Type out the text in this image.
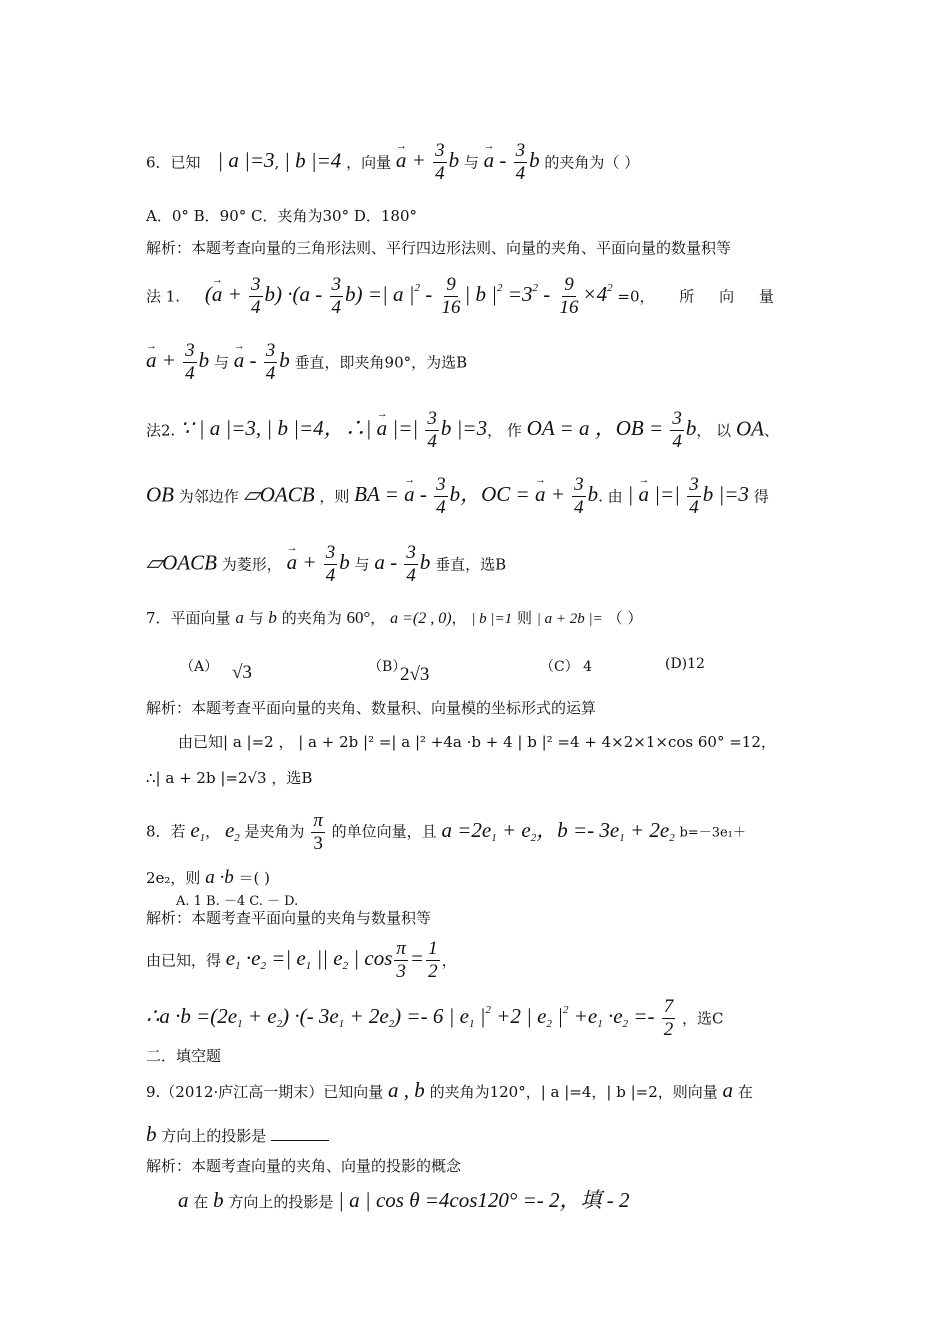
6．已知 | a |=3, | b |=4 ，向量 → $a + \frac{3}{4}$ b 与 → a - $\frac{3}{4}$ b 的夹角为（ ）
A．0° B．90° C．夹角为30° D．180°
解析：本题考查向量的三角形法则、平行四边形法则、向量的夹角、平面向量的数量积等
法 1. (→ $a + \frac{3}{4} b) \cdot(a - \frac{3}{4} b)$ =| a $|^2 - \frac{9}{16}$ | b $|^2 =3^2 - \frac{9}{16} \times 4^2 =0$， 所 向 量
→ $a + \frac{3}{4}$ b 与 → a - $\frac{3}{4}$ b 垂直，即夹角90°，为选B
法2. ∵ | a |=3, | b |=4，∴| → a |=| $\frac{3}{4}$ b |=3， 作 OA = a ，OB = $\frac{3}{4}$ b， 以 OA、
OB 为邻边作 ▱OACB ，则 BA = → a - $\frac{3}{4}$ b，OC = → $a + \frac{3}{4} b$. 由 | → a |=| $\frac{3}{4}$ b |=3 得
▱OACB 为菱形， → $a + \frac{3}{4}$ b 与 a - $\frac{3}{4}$ b 垂直，选B
7．平面向量 a 与 b 的夹角为 60°， a =(2 , 0)， | b |=1 则 | a + 2b |= （ ）
（A） √3	（B）
2√3	（C） 4	(D)12
解析：本题考查平面向量的夹角、数量积、向量模的坐标形式的运算
由已知| a |=2 ， | a + 2b |² =| a |² +4a ·b + 4 | b |² =4 + 4×2×1×cos 60° =12，
∴| a + 2b |=2√3 ，选B
8．若 $e_1$， $e_2$ 是夹角为 $\frac{\pi}{3}$ 的单位向量，且 $a =2e_1 + e_2$，$b =- 3e_1 + 2e_2$ b=－3e₁＋
2e₂，则 a ·b ＝( )
A. 1 B. －4 C. － D.
解析：本题考查平面向量的夹角与数量积等
由已知，得 $e_1 \cdot e_2$ =| $e_1$ || $e_2$ | $\cos \frac{\pi}{3} = \frac{1}{2}$ ，
∴a $\cdot b =(2e_1 + e_2)$ ·(- $3e_1 + 2e_2) =- 6$ | $e_1$ $|^2 +2$ | $e_2$ $|^2 +e_1 \cdot e_2 =- \frac{7}{2}$ ，选C
二．填空题
9.（2012·庐江高一期末）已知向量 a , b 的夹角为120°，| a |=4，| b |=2，则向量 a 在
b 方向上的投影是
解析：本题考查向量的夹角、向量的投影的概念
a 在 b 方向上的投影是 | a | cos θ =4cos120° =- 2，填 - 2
